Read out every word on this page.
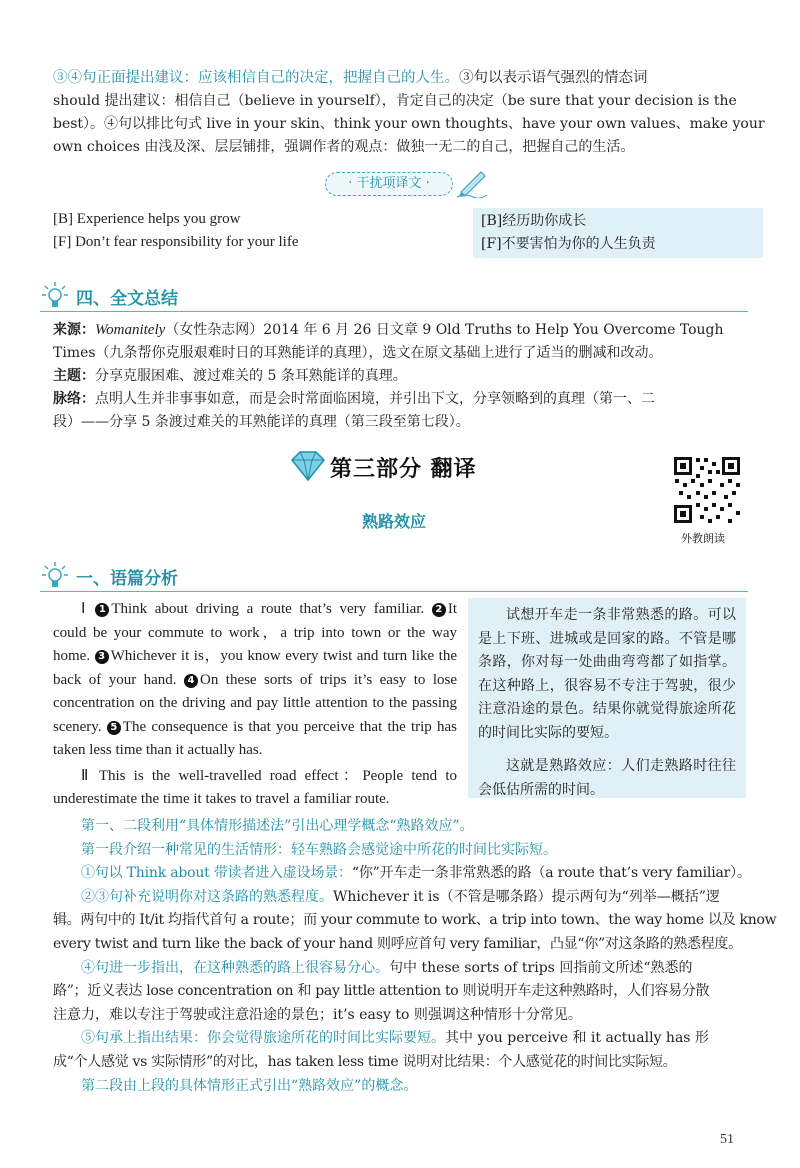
③④句正面提出建议：应该相信自己的决定，把握自己的人生。③句以表示语气强烈的情态词
should 提出建议：相信自己（believe in yourself），肯定自己的决定（be sure that your decision is the
best）。④句以排比句式 live in your skin、think your own thoughts、have your own values、make your
own choices 由浅及深、层层铺排，强调作者的观点：做独一无二的自己，把握自己的生活。
· 干扰项译文 ·
[B] Experience helps you grow
[F] Don’t fear responsibility for your life
[B]经历助你成长
[F]不要害怕为你的人生负责
四、全文总结
来源：Womanitely（女性杂志网）2014 年 6 月 26 日文章 9 Old Truths to Help You Overcome Tough
Times（九条帮你克服艰难时日的耳熟能详的真理），选文在原文基础上进行了适当的删减和改动。
主题：分享克服困难、渡过难关的 5 条耳熟能详的真理。
脉络：点明人生并非事事如意，而是会时常面临困境，并引出下文，分享领略到的真理（第一、二
段）——分享 5 条渡过难关的耳熟能详的真理（第三段至第七段）。
第三部分 翻译
熟路效应
外教朗读
一、语篇分析

Ⅰ 1 Think about driving a route that’s very familiar. 2 It could be your commute to work，a trip into town or the way home. 3 Whichever it is，you know every twist and turn like the back of your hand. 4 On these sorts of trips it’s easy to lose concentration on the driving and pay little attention to the passing scenery. 5 The consequence is that you perceive that the trip has taken less time than it actually has.

Ⅱ This is the well-travelled road effect：People tend to underestimate the time it takes to travel a familiar route.

试想开车走一条非常熟悉的路。可以是上下班、进城或是回家的路。不管是哪条路，你对每一处曲曲弯弯都了如指掌。在这种路上，很容易不专注于驾驶，很少注意沿途的景色。结果你就觉得旅途所花的时间比实际的要短。

这就是熟路效应：人们走熟路时往往会低估所需的时间。

第一、二段利用“具体情形描述法”引出心理学概念“熟路效应”。
第一段介绍一种常见的生活情形：轻车熟路会感觉途中所花的时间比实际短。
①句以 Think about 带读者进入虚设场景：“你”开车走一条非常熟悉的路（a route that’s very familiar）。
②③句补充说明你对这条路的熟悉程度。Whichever it is（不管是哪条路）提示两句为“列举—概括”逻
辑。两句中的 It/it 均指代首句 a route；而 your commute to work、a trip into town、the way home 以及 know
every twist and turn like the back of your hand 则呼应首句 very familiar，凸显“你”对这条路的熟悉程度。
④句进一步指出，在这种熟悉的路上很容易分心。句中 these sorts of trips 回指前文所述“熟悉的
路”；近义表达 lose concentration on 和 pay little attention to 则说明开车走这种熟路时，人们容易分散
注意力，难以专注于驾驶或注意沿途的景色；it’s easy to 则强调这种情形十分常见。
⑤句承上指出结果：你会觉得旅途所花的时间比实际要短。其中 you perceive 和 it actually has 形
成“个人感觉 vs 实际情形”的对比，has taken less time 说明对比结果：个人感觉花的时间比实际短。
第二段由上段的具体情形正式引出“熟路效应”的概念。
51
